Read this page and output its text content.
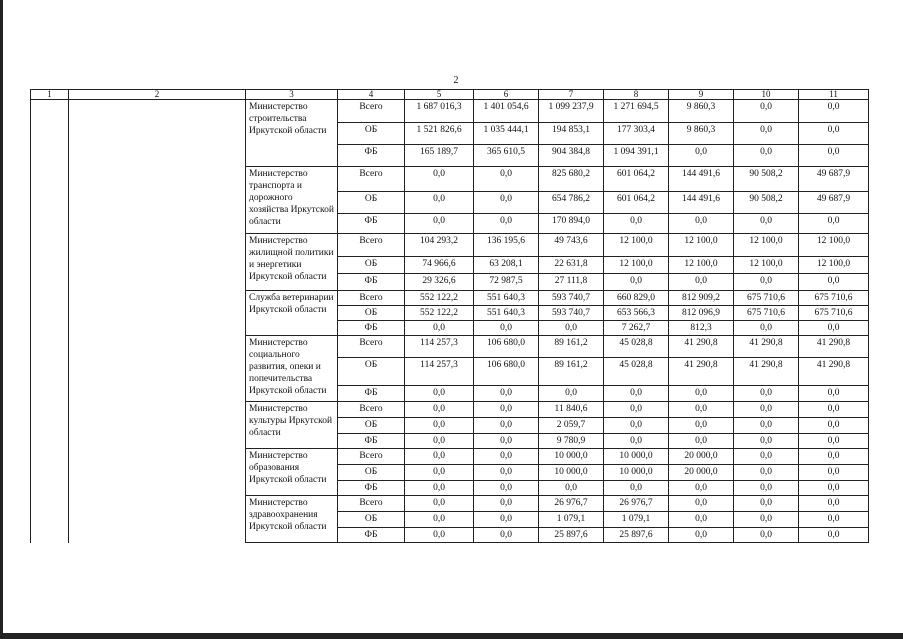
2
1	2	3	4	5	6	7	8	9	10	11
		Министерство строительства Иркутской области	Всего	1 687 016,3	1 401 054,6	1 099 237,9	1 271 694,5	9 860,3	0,0	0,0
			ОБ	1 521 826,6	1 035 444,1	194 853,1	177 303,4	9 860,3	0,0	0,0
			ФБ	165 189,7	365 610,5	904 384,8	1 094 391,1	0,0	0,0	0,0
		Министерство транспорта и дорожного хозяйства Иркутской области	Всего	0,0	0,0	825 680,2	601 064,2	144 491,6	90 508,2	49 687,9
			ОБ	0,0	0,0	654 786,2	601 064,2	144 491,6	90 508,2	49 687,9
			ФБ	0,0	0,0	170 894,0	0,0	0,0	0,0	0,0
		Министерство жилищной политики и энергетики Иркутской области	Всего	104 293,2	136 195,6	49 743,6	12 100,0	12 100,0	12 100,0	12 100,0
			ОБ	74 966,6	63 208,1	22 631,8	12 100,0	12 100,0	12 100,0	12 100,0
			ФБ	29 326,6	72 987,5	27 111,8	0,0	0,0	0,0	0,0
		Служба ветеринарии Иркутской области	Всего	552 122,2	551 640,3	593 740,7	660 829,0	812 909,2	675 710,6	675 710,6
			ОБ	552 122,2	551 640,3	593 740,7	653 566,3	812 096,9	675 710,6	675 710,6
			ФБ	0,0	0,0	0,0	7 262,7	812,3	0,0	0,0
		Министерство социального развития, опеки и попечительства Иркутской области	Всего	114 257,3	106 680,0	89 161,2	45 028,8	41 290,8	41 290,8	41 290,8
			ОБ	114 257,3	106 680,0	89 161,2	45 028,8	41 290,8	41 290,8	41 290,8
			ФБ	0,0	0,0	0,0	0,0	0,0	0,0	0,0
		Министерство культуры Иркутской области	Всего	0,0	0,0	11 840,6	0,0	0,0	0,0	0,0
			ОБ	0,0	0,0	2 059,7	0,0	0,0	0,0	0,0
			ФБ	0,0	0,0	9 780,9	0,0	0,0	0,0	0,0
		Министерство образования Иркутской области	Всего	0,0	0,0	10 000,0	10 000,0	20 000,0	0,0	0,0
			ОБ	0,0	0,0	10 000,0	10 000,0	20 000,0	0,0	0,0
			ФБ	0,0	0,0	0,0	0,0	0,0	0,0	0,0
		Министерство здравоохранения Иркутской области	Всего	0,0	0,0	26 976,7	26 976,7	0,0	0,0	0,0
			ОБ	0,0	0,0	1 079,1	1 079,1	0,0	0,0	0,0
			ФБ	0,0	0,0	25 897,6	25 897,6	0,0	0,0	0,0
